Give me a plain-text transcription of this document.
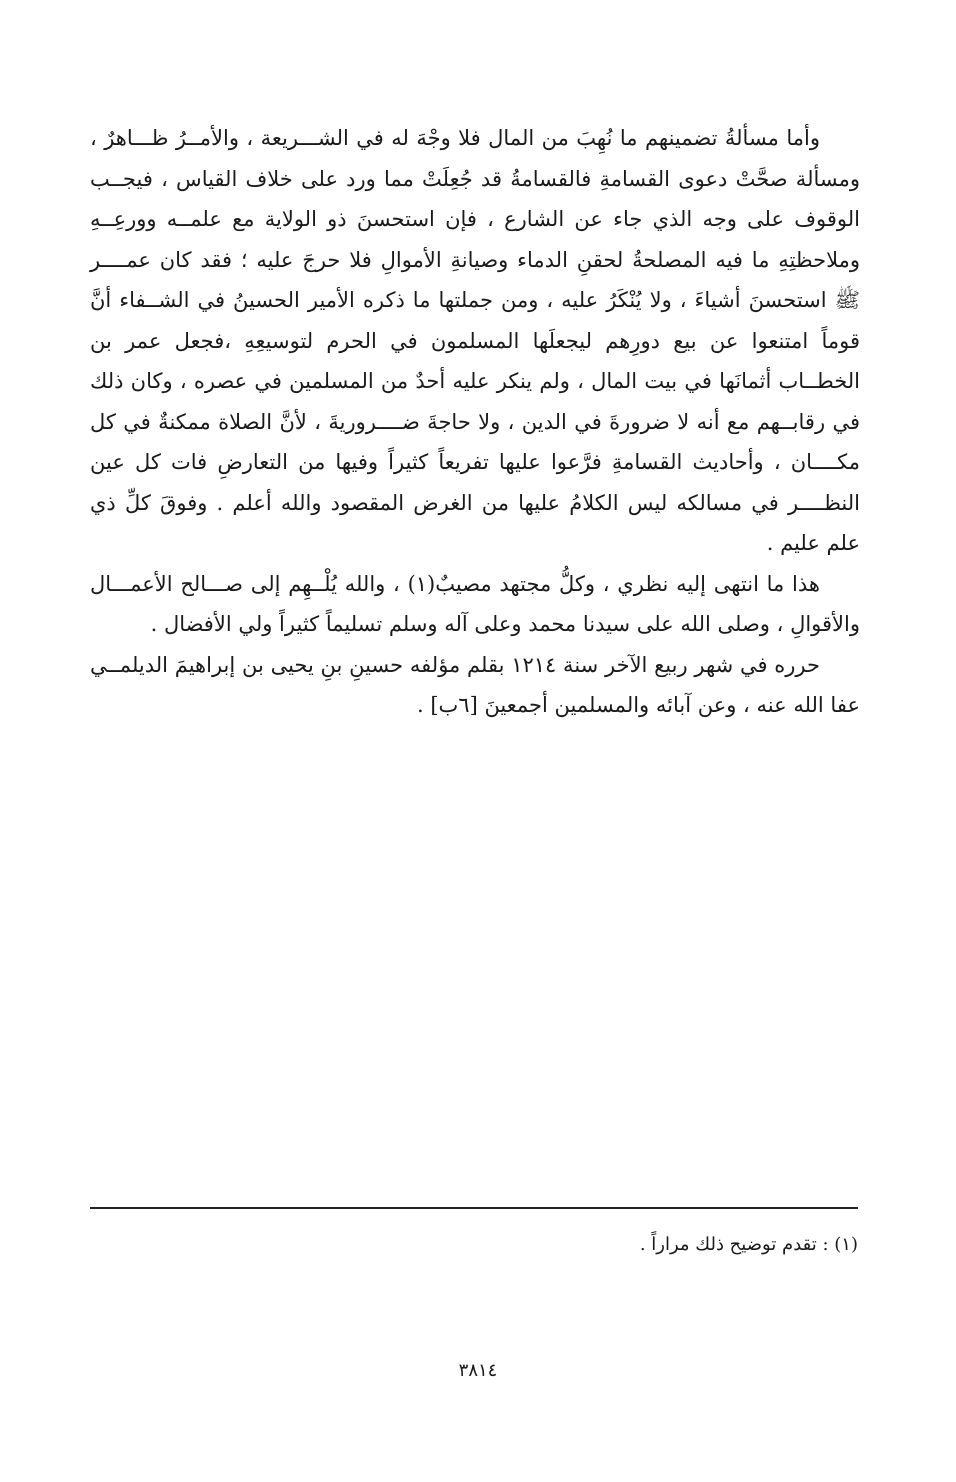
وأما مسألةُ تضمينهم ما نُهِبَ من المال فلا وجْهَ له في الشـــريعة ، والأمــرُ ظـــاهرٌ ، ومسألة صحَّتْ دعوى القسامةِ فالقسامةُ قد جُعِلَتْ مما ورد على خلاف القياس ، فيجــب الوقوف على وجه الذي جاء عن الشارع ، فإن استحسنَ ذو الولاية مع علمــه وورعِــهِ وملاحظتِهِ ما فيه المصلحةُ لحقنِ الدماء وصيانةِ الأموالِ فلا حرجَ عليه ؛ فقد كان عمــــر ﷺ استحسنَ أشياءَ ، ولا يُنْكَرُ عليه ، ومن جملتها ما ذكره الأمير الحسينُ في الشــفاء أنَّ قوماً امتنعوا عن بيع دورِهم ليجعلَها المسلمون في الحرم لتوسيعِهِ ،فجعل عمر بن الخطــاب أثمانَها في بيت المال ، ولم ينكر عليه أحدٌ من المسلمين في عصره ، وكان ذلك في رقابــهم مع أنه لا ضرورةَ في الدين ، ولا حاجةَ ضــــروريةَ ، لأنَّ الصلاة ممكنةٌ في كل مكــــان ، وأحاديث القسامةِ فرَّعوا عليها تفريعاً كثيراً وفيها من التعارضِ فات كل عين النظــــر في مسالكه ليس الكلامُ عليها من الغرض المقصود والله أعلم . وفوقَ كلِّ ذي علم عليم .

هذا ما انتهى إليه نظري ، وكلُّ مجتهد مصيبٌ(١) ، والله يُلْــهِم إلى صـــالح الأعمـــال والأقوالِ ، وصلى الله على سيدنا محمد وعلى آله وسلم تسليماً كثيراً ولي الأفضال .

حرره في شهر ربيع الآخر سنة ١٢١٤ بقلم مؤلفه حسينِ بنِ يحيى بن إبراهيمَ الديلمــي عفا الله عنه ، وعن آبائه والمسلمين أجمعينَ [٦ب] .

(١) : تقدم توضيح ذلك مراراً .

٣٨١٤
